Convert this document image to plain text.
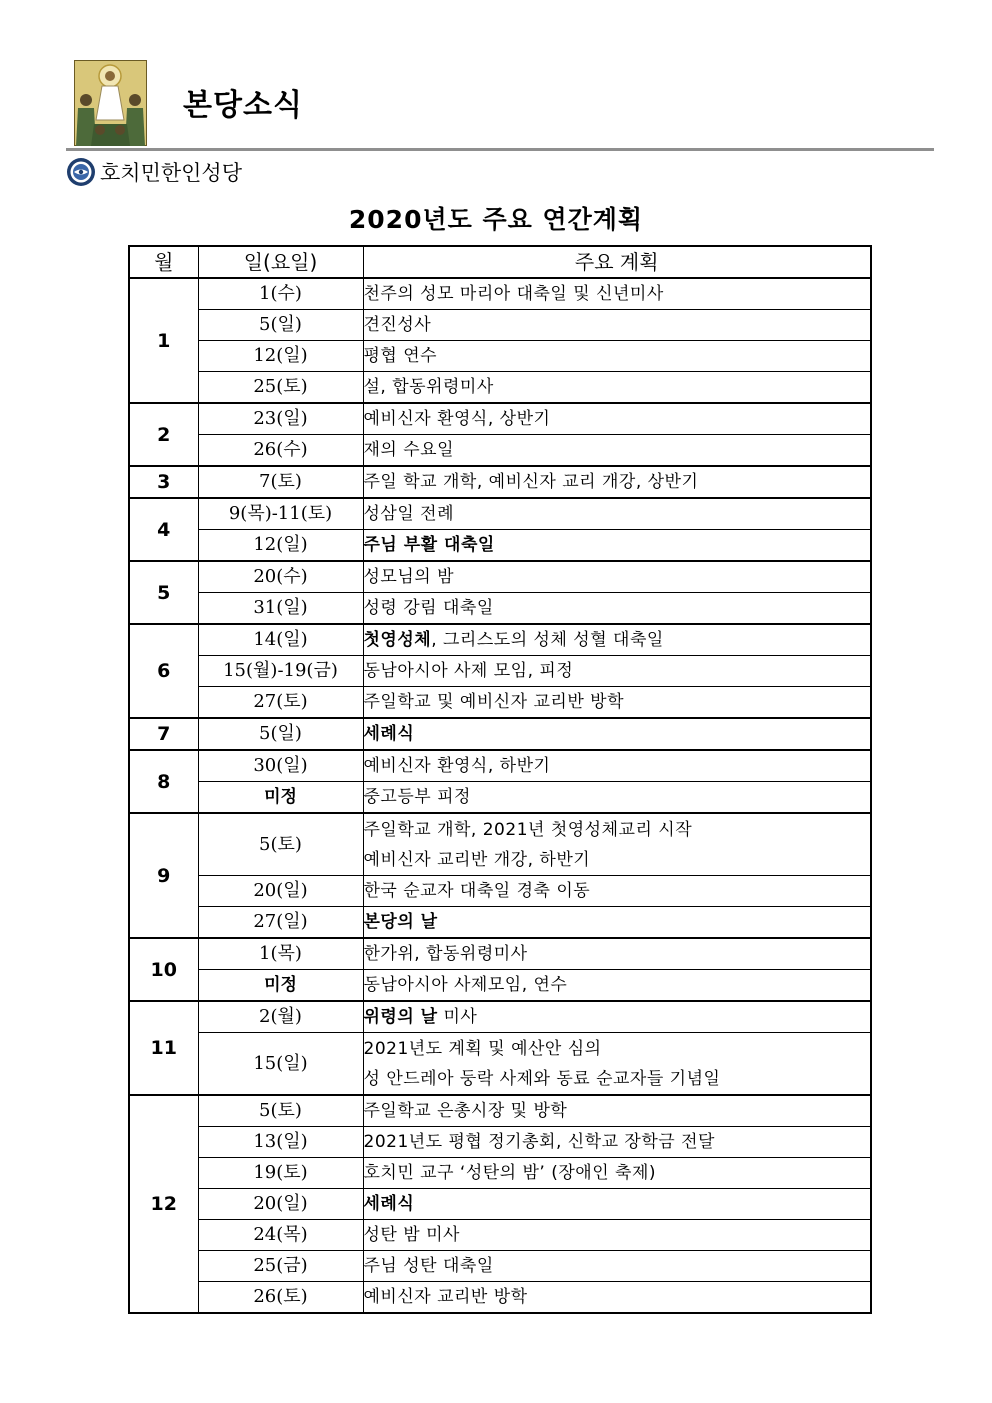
본당소식
호치민한인성당
2020년도 주요 연간계획
월	일(요일)	주요 계획
1	1(수)	천주의 성모 마리아 대축일 및 신년미사
	5(일)	견진성사
	12(일)	평협 연수
	25(토)	설, 합동위령미사
2	23(일)	예비신자 환영식, 상반기
	26(수)	재의 수요일
3	7(토)	주일 학교 개학, 예비신자 교리 개강, 상반기
4	9(목)-11(토)	성삼일 전례
	12(일)	주님 부활 대축일
5	20(수)	성모님의 밤
	31(일)	성령 강림 대축일
6	14(일)	첫영성체, 그리스도의 성체 성혈 대축일
	15(월)-19(금)	동남아시아 사제 모임, 피정
	27(토)	주일학교 및 예비신자 교리반 방학
7	5(일)	세례식
8	30(일)	예비신자 환영식, 하반기
	미정	중고등부 피정
9	5(토)	주일학교 개학, 2021년 첫영성체교리 시작
예비신자 교리반 개강, 하반기

	20(일)	한국 순교자 대축일 경축 이동
	27(일)	본당의 날
10	1(목)	한가위, 합동위령미사
	미정	동남아시아 사제모임, 연수
11	2(월)	위령의 날 미사
	15(일)	2021년도 계획 및 예산안 심의
성 안드레아 둥락 사제와 동료 순교자들 기념일

12	5(토)	주일학교 은총시장 및 방학
	13(일)	2021년도 평협 정기총회, 신학교 장학금 전달
	19(토)	호치민 교구 ‘성탄의 밤’ (장애인 축제)
	20(일)	세례식
	24(목)	성탄 밤 미사
	25(금)	주님 성탄 대축일
	26(토)	예비신자 교리반 방학
